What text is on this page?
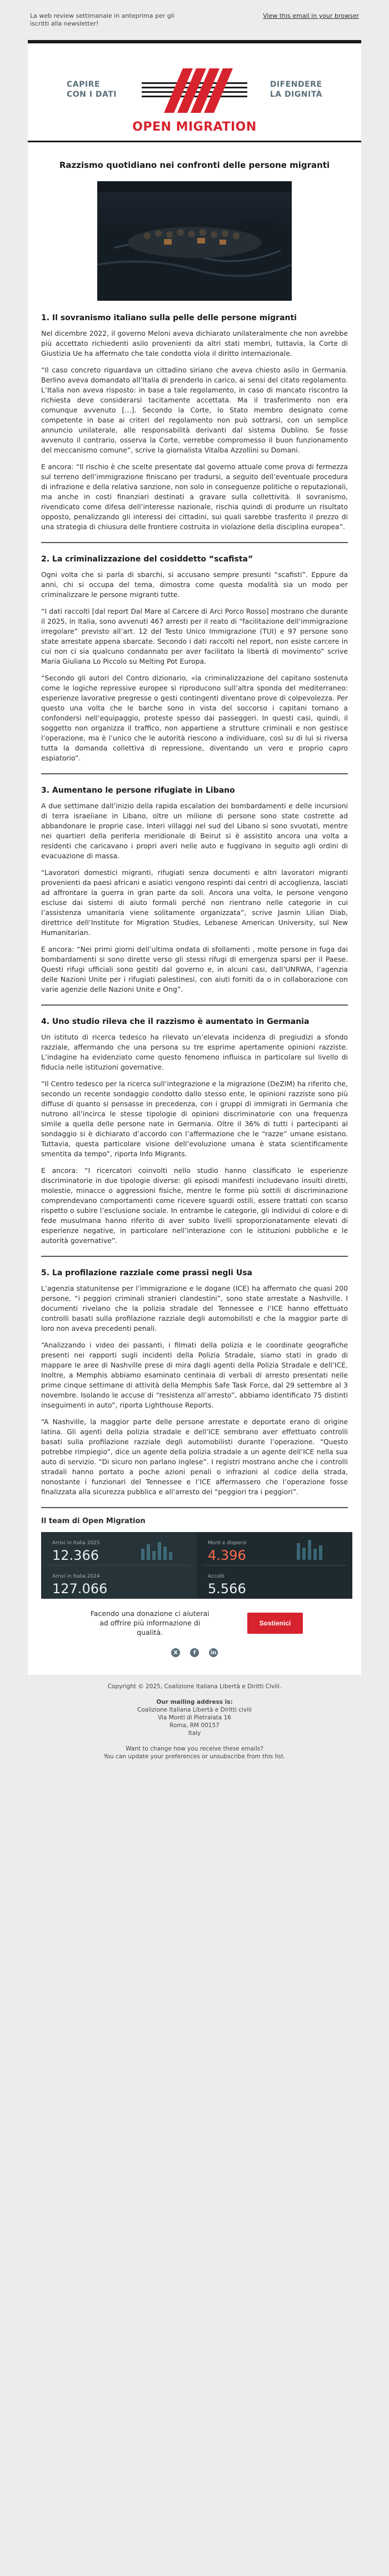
La web review settimanale in anteprima per gli iscritti alla newsletter!
View this email in your browser
CAPIRE
CON I DATI
OPEN MIGRATION
DIFENDERE
LA DIGNITÀ
Razzismo quotidiano nei confronti delle persone migranti
1. Il sovranismo italiano sulla pelle delle persone migranti

Nel dicembre 2022, il governo Meloni aveva dichiarato unilateralmente che non avrebbe più accettato richiedenti asilo provenienti da altri stati membri, tuttavia, la Corte di Giustizia Ue ha affermato che tale condotta viola il diritto internazionale.

“Il caso concreto riguardava un cittadino siriano che aveva chiesto asilo in Germania. Berlino aveva domandato all’Italia di prenderlo in carico, ai sensi del citato regolamento. L’Italia non aveva risposto: in base a tale regolamento, in caso di mancato riscontro la richiesta deve considerarsi tacitamente accettata. Ma il trasferimento non era comunque avvenuto […]. Secondo la Corte, lo Stato membro designato come competente in base ai criteri del regolamento non può sottrarsi, con un semplice annuncio unilaterale, alle responsabilità derivanti dal sistema Dublino. Se fosse avvenuto il contrario, osserva la Corte, verrebbe compromesso il buon funzionamento del meccanismo comune”, scrive la giornalista Vitalba Azzollini su Domani.

E ancora: “Il rischio è che scelte presentate dal governo attuale come prova di fermezza sul terreno dell’immigrazione finiscano per tradursi, a seguito dell’eventuale procedura di infrazione e della relativa sanzione, non solo in conseguenze politiche o reputazionali, ma anche in costi finanziari destinati a gravare sulla collettività. Il sovranismo, rivendicato come difesa dell’interesse nazionale, rischia quindi di produrre un risultato opposto, penalizzando gli interessi dei cittadini, sui quali sarebbe trasferito il prezzo di una strategia di chiusura delle frontiere costruita in violazione della disciplina europea”.

2. La criminalizzazione del cosiddetto “scafista”

Ogni volta che si parla di sbarchi, si accusano sempre presunti “scafisti”. Eppure da anni, chi si occupa del tema, dimostra come questa modalità sia un modo per criminalizzare le persone migranti tutte.

“I dati raccolti [dal report Dal Mare al Carcere di Arci Porco Rosso] mostrano che durante il 2025, in Italia, sono avvenuti 467 arresti per il reato di “facilitazione dell’immigrazione irregolare” previsto all’art. 12 del Testo Unico Immigrazione (TUI) e 97 persone sono state arrestate appena sbarcate. Secondo i dati raccolti nel report, non esiste carcere in cui non ci sia qualcuno condannato per aver facilitato la libertà di movimento” scrive Maria Giuliana Lo Piccolo su Melting Pot Europa.

“Secondo gli autori del Contro dizionario, «la criminalizzazione del capitano sostenuta come le logiche repressive europee si riproducono sull’altra sponda del mediterraneo: esperienze lavorative pregresse o gesti contingenti diventano prove di colpevolezza. Per questo una volta che le barche sono in vista del soccorso i capitani tornano a confondersi nell’equipaggio, proteste spesso dai passeggeri. In questi casi, quindi, il soggetto non organizza il traffico, non appartiene a strutture criminali e non gestisce l’operazione, ma è l’unico che le autorità riescono a individuare, così su di lui si riversa tutta la domanda collettiva di repressione, diventando un vero e proprio capro espiatorio”.

3. Aumentano le persone rifugiate in Libano

A due settimane dall’inizio della rapida escalation dei bombardamenti e delle incursioni di terra israeliane in Libano, oltre un milione di persone sono state costrette ad abbandonare le proprie case. Interi villaggi nel sud del Libano si sono svuotati, mentre nei quartieri della periferia meridionale di Beirut si è assistito ancora una volta a residenti che caricavano i propri averi nelle auto e fuggivano in seguito agli ordini di evacuazione di massa.

“Lavoratori domestici migranti, rifugiati senza documenti e altri lavoratori migranti provenienti da paesi africani e asiatici vengono respinti dai centri di accoglienza, lasciati ad affrontare la guerra in gran parte da soli. Ancora una volta, le persone vengono escluse dai sistemi di aiuto formali perché non rientrano nelle categorie in cui l’assistenza umanitaria viene solitamente organizzata”, scrive Jasmin Lilian Diab, direttrice dell’Institute for Migration Studies, Lebanese American University, sul New Humanitarian.

E ancora: “Nei primi giorni dell’ultima ondata di sfollamenti , molte persone in fuga dai bombardamenti si sono dirette verso gli stessi rifugi di emergenza sparsi per il Paese. Questi rifugi ufficiali sono gestiti dal governo e, in alcuni casi, dall’UNRWA, l’agenzia delle Nazioni Unite per i rifugiati palestinesi, con aiuti forniti da o in collaborazione con varie agenzie delle Nazioni Unite e Ong”.

4. Uno studio rileva che il razzismo è aumentato in Germania

Un istituto di ricerca tedesco ha rilevato un’elevata incidenza di pregiudizi a sfondo razziale, affermando che una persona su tre esprime apertamente opinioni razziste. L’indagine ha evidenziato come questo fenomeno influisca in particolare sul livello di fiducia nelle istituzioni governative.

“Il Centro tedesco per la ricerca sull’integrazione e la migrazione (DeZIM) ha riferito che, secondo un recente sondaggio condotto dallo stesso ente, le opinioni razziste sono più diffuse di quanto si pensasse in precedenza, con i gruppi di immigrati in Germania che nutrono all’incirca le stesse tipologie di opinioni discriminatorie con una frequenza simile a quella delle persone nate in Germania. Oltre il 36% di tutti i partecipanti al sondaggio si è dichiarato d’accordo con l’affermazione che le “razze” umane esistano. Tuttavia, questa particolare visione dell’evoluzione umana è stata scientificamente smentita da tempo”, riporta Info Migrants.

E ancora: “I ricercatori coinvolti nello studio hanno classificato le esperienze discriminatorie in due tipologie diverse: gli episodi manifesti includevano insulti diretti, molestie, minacce o aggressioni fisiche, mentre le forme più sottili di discriminazione comprendevano comportamenti come ricevere sguardi ostili, essere trattati con scarso rispetto o subire l’esclusione sociale. In entrambe le categorie, gli individui di colore e di fede musulmana hanno riferito di aver subito livelli sproporzionatamente elevati di esperienze negative, in particolare nell’interazione con le istituzioni pubbliche e le autorità governative”.

5. La profilazione razziale come prassi negli Usa

L’agenzia statunitense per l’immigrazione e le dogane (ICE) ha affermato che quasi 200 persone, “i peggiori criminali stranieri clandestini”, sono state arrestate a Nashville. I documenti rivelano che la polizia stradale del Tennessee e l’ICE hanno effettuato controlli basati sulla profilazione razziale degli automobilisti e che la maggior parte di loro non aveva precedenti penali.

“Analizzando i video dei passanti, i filmati della polizia e le coordinate geografiche presenti nei rapporti sugli incidenti della Polizia Stradale, siamo stati in grado di mappare le aree di Nashville prese di mira dagli agenti della Polizia Stradale e dell’ICE. Inoltre, a Memphis abbiamo esaminato centinaia di verbali di arresto presentati nelle prime cinque settimane di attività della Memphis Safe Task Force, dal 29 settembre al 3 novembre. Isolando le accuse di “resistenza all’arresto”, abbiamo identificato 75 distinti inseguimenti in auto”, riporta Lighthouse Reports.

“A Nashville, la maggior parte delle persone arrestate e deportate erano di origine latina. Gli agenti della polizia stradale e dell’ICE sembrano aver effettuato controlli basati sulla profilazione razziale degli automobilisti durante l’operazione. “Questo potrebbe rimpiegio”, dice un agente della polizia stradale a un agente dell’ICE nella sua auto di servizio. “Di sicuro non parlano inglese”. I registri mostrano anche che i controlli stradali hanno portato a poche azioni penali o infrazioni al codice della strada, nonostante i funzionari del Tennessee e l’ICE affermassero che l’operazione fosse finalizzata alla sicurezza pubblica e all’arresto dei “peggiori tra i peggiori”.

Il team di Open Migration
Arrivi in Italia 2025
12.366
Arrivi in Italia 2024
127.066
Morti e dispersi
4.396
Accolti
5.566
Facendo una donazione ci aiuterai ad offrire più informazione di qualità.
Sostienici
X	f	in
Copyright © 2025, Coalizione Italiana Libertà e Diritti Civili.

Our mailing address is:
Coalizione Italiana Libertà e Diritti civili
Via Monti di Pietralata 16
Roma, RM 00157
Italy

Want to change how you receive these emails?
You can update your preferences or unsubscribe from this list.
